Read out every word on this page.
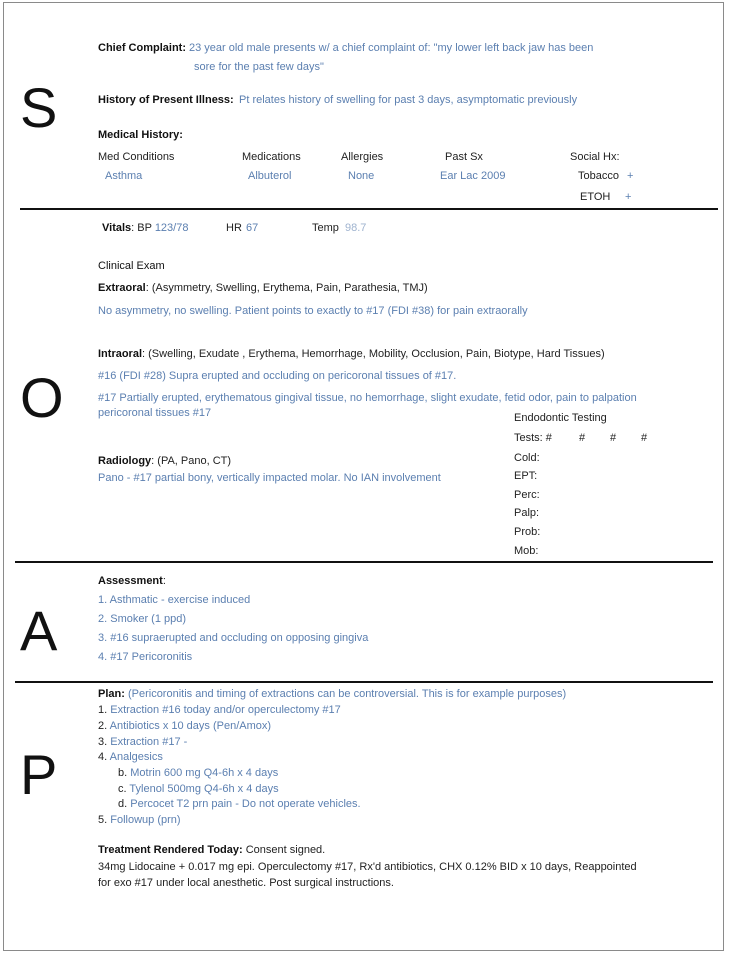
S
O
A
P
Chief Complaint: 23 year old male presents w/ a chief complaint of: "my lower left back jaw has been
sore for the past few days"
History of Present Illness: Pt relates history of swelling for past 3 days, asymptomatic previously
Medical History:
Med Conditions	Medications	Allergies	Past Sx	Social Hx:
Asthma	Albuterol	None	Ear Lac 2009	Tobacco +
ETOH +
Vitals: BP 123/78	HR 67	Temp 98.7
Clinical Exam
Extraoral: (Asymmetry, Swelling, Erythema, Pain, Parathesia, TMJ)
No asymmetry, no swelling. Patient points to exactly to #17 (FDI #38) for pain extraorally
Intraoral: (Swelling, Exudate , Erythema, Hemorrhage, Mobility, Occlusion, Pain, Biotype, Hard Tissues)
#16 (FDI #28) Supra erupted and occluding on pericoronal tissues of #17.
#17 Partially erupted, erythematous gingival tissue, no hemorrhage, slight exudate, fetid odor, pain to palpation
pericoronal tissues #17
Radiology: (PA, Pano, CT)
Pano - #17 partial bony, vertically impacted molar. No IAN involvement
Endodontic Testing
Tests: # # # #
Cold:
EPT:
Perc:
Palp:
Prob:
Mob:
Assessment:
1. Asthmatic - exercise induced
2. Smoker (1 ppd)
3. #16 supraerupted and occluding on opposing gingiva
4. #17 Pericoronitis
Plan: (Pericoronitis and timing of extractions can be controversial. This is for example purposes)
1. Extraction #16 today and/or operculectomy #17
2. Antibiotics x 10 days (Pen/Amox)
3. Extraction #17 -
4. Analgesics
b. Motrin 600 mg Q4-6h x 4 days
c. Tylenol 500mg Q4-6h x 4 days
d. Percocet T2 prn pain - Do not operate vehicles.
5. Followup (prn)
Treatment Rendered Today: Consent signed.
34mg Lidocaine + 0.017 mg epi. Operculectomy #17, Rx'd antibiotics, CHX 0.12% BID x 10 days, Reappointed
for exo #17 under local anesthetic. Post surgical instructions.
